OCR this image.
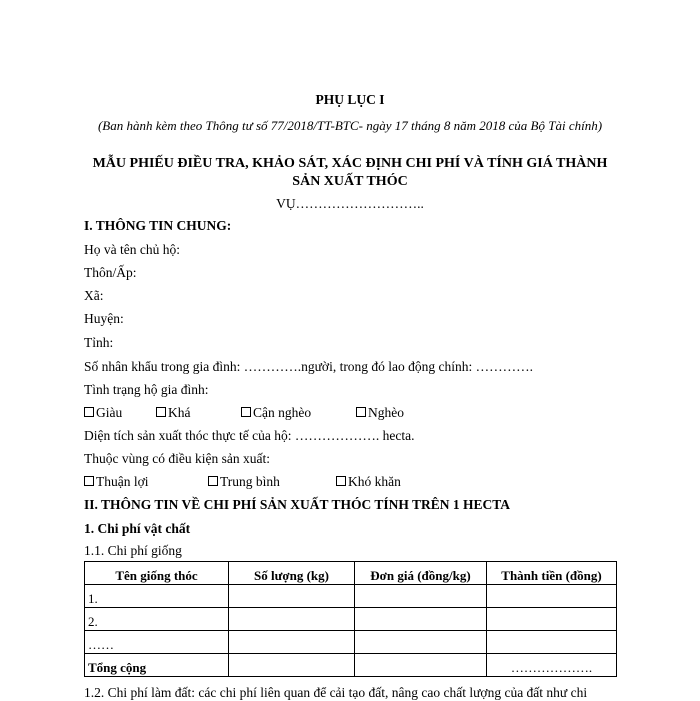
PHỤ LỤC I
(Ban hành kèm theo Thông tư số 77/2018/TT-BTC- ngày 17 tháng 8 năm 2018 của Bộ Tài chính)
MẪU PHIẾU ĐIỀU TRA, KHẢO SÁT, XÁC ĐỊNH CHI PHÍ VÀ TÍNH GIÁ THÀNH SẢN XUẤT THÓC
VỤ………………………..
I. THÔNG TIN CHUNG:
Họ và tên chủ hộ:
Thôn/Ấp:
Xã:
Huyện:
Tỉnh:
Số nhân khẩu trong gia đình: ………….người, trong đó lao động chính: ………….
Tình trạng hộ gia đình:
Giàu	Khá	Cận nghèo	Nghèo
Diện tích sản xuất thóc thực tế của hộ: ………………. hecta.
Thuộc vùng có điều kiện sản xuất:
Thuận lợi	Trung bình	Khó khăn
II. THÔNG TIN VỀ CHI PHÍ SẢN XUẤT THÓC TÍNH TRÊN 1 HECTA
1. Chi phí vật chất
1.1. Chi phí giống
Tên giống thóc	Số lượng (kg)	Đơn giá (đồng/kg)	Thành tiền (đồng)
1.			
2.			
……			
Tổng cộng			……………….
1.2. Chi phí làm đất: các chi phí liên quan để cải tạo đất, nâng cao chất lượng của đất như chi
